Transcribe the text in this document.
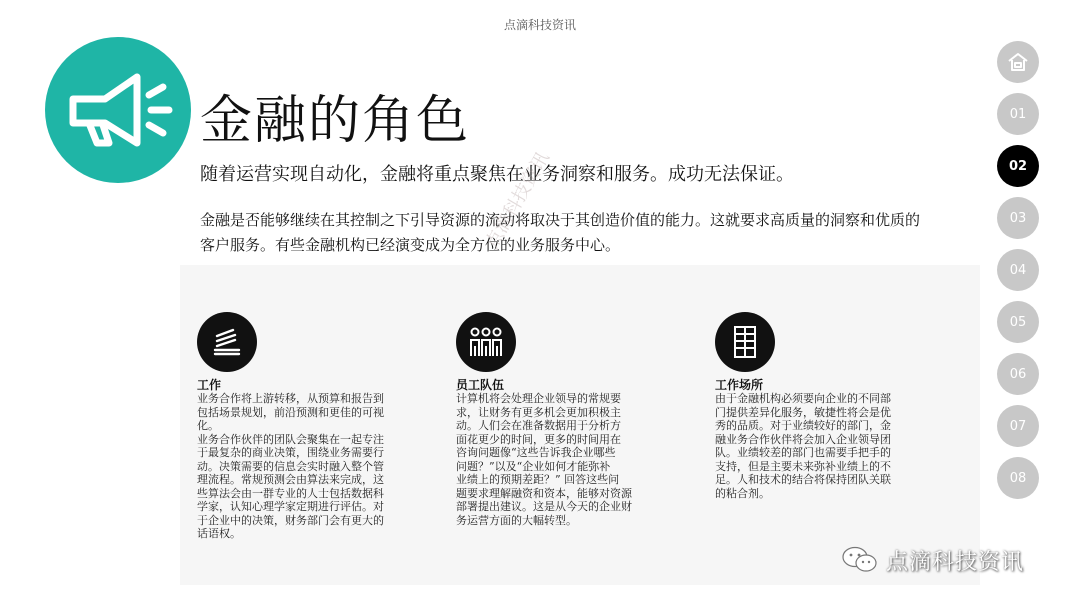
点滴科技资讯
金融的角色
随着运营实现自动化，金融将重点聚焦在业务洞察和服务。成功无法保证。
金融是否能够继续在其控制之下引导资源的流动将取决于其创造价值的能力。这就要求高质量的洞察和优质的客户服务。有些金融机构已经演变成为全方位的业务服务中心。
点滴科技资讯
工作

业务合作将上游转移，从预算和报告到
包括场景规划，前沿预测和更佳的可视
化。
业务合作伙伴的团队会聚集在一起专注
于最复杂的商业决策，围绕业务需要行
动。决策需要的信息会实时融入整个管
理流程。常规预测会由算法来完成，这
些算法会由一群专业的人士包括数据科
学家，认知心理学家定期进行评估。对
于企业中的决策，财务部门会有更大的
话语权。

员工队伍

计算机将会处理企业领导的常规要
求，让财务有更多机会更加积极主
动。人们会在准备数据用于分析方
面花更少的时间，更多的时间用在
咨询问题像“这些告诉我企业哪些
问题？”以及“企业如何才能弥补
业绩上的预期差距？” 回答这些问
题要求理解融资和资本，能够对资源
部署提出建议。这是从今天的企业财
务运营方面的大幅转型。

工作场所

由于金融机构必须要向企业的不同部
门提供差异化服务，敏捷性将会是优
秀的品质。对于业绩较好的部门，金
融业务合作伙伴将会加入企业领导团
队。业绩较差的部门也需要手把手的
支持，但是主要未来弥补业绩上的不
足。人和技术的结合将保持团队关联
的粘合剂。

01
02
03
04
05
06
07
08
点滴科技资讯
